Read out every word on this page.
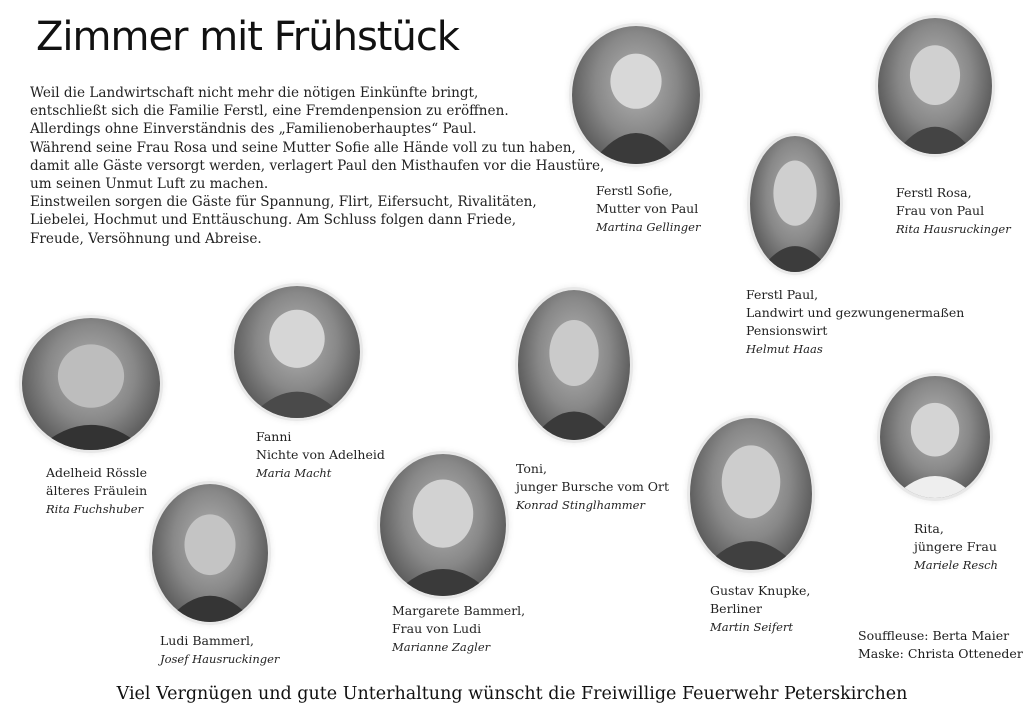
Zimmer mit Frühstück
Weil die Landwirtschaft nicht mehr die nötigen Einkünfte bringt,
entschließt sich die Familie Ferstl, eine Fremdenpension zu eröffnen.
Allerdings ohne Einverständnis des „Familienoberhauptes“ Paul.
Während seine Frau Rosa und seine Mutter Sofie alle Hände voll zu tun haben,
damit alle Gäste versorgt werden, verlagert Paul den Misthaufen vor die Haustüre,
um seinen Unmut Luft zu machen.
Einstweilen sorgen die Gäste für Spannung, Flirt, Eifersucht, Rivalitäten,
Liebelei, Hochmut und Enttäuschung. Am Schluss folgen dann Friede,
Freude, Versöhnung und Abreise.
Ferstl Sofie,
Mutter von Paul
Martina Gellinger
Ferstl Rosa,
Frau von Paul
Rita Hausruckinger
Ferstl Paul,
Landwirt und gezwungenermaßen
Pensionswirt
Helmut Haas
Adelheid Rössle
älteres Fräulein
Rita Fuchshuber
Fanni
Nichte von Adelheid
Maria Macht	Toni,
junger Bursche vom Ort
Konrad Stinglhammer
Ludi Bammerl,
Josef Hausruckinger
Margarete Bammerl,
Frau von Ludi
Marianne Zagler
Gustav Knupke,
Berliner
Martin Seifert
Rita,
jüngere Frau
Mariele Resch
Souffleuse: Berta Maier
Maske: Christa Otteneder
Viel Vergnügen und gute Unterhaltung wünscht die Freiwillige Feuerwehr Peterskirchen
